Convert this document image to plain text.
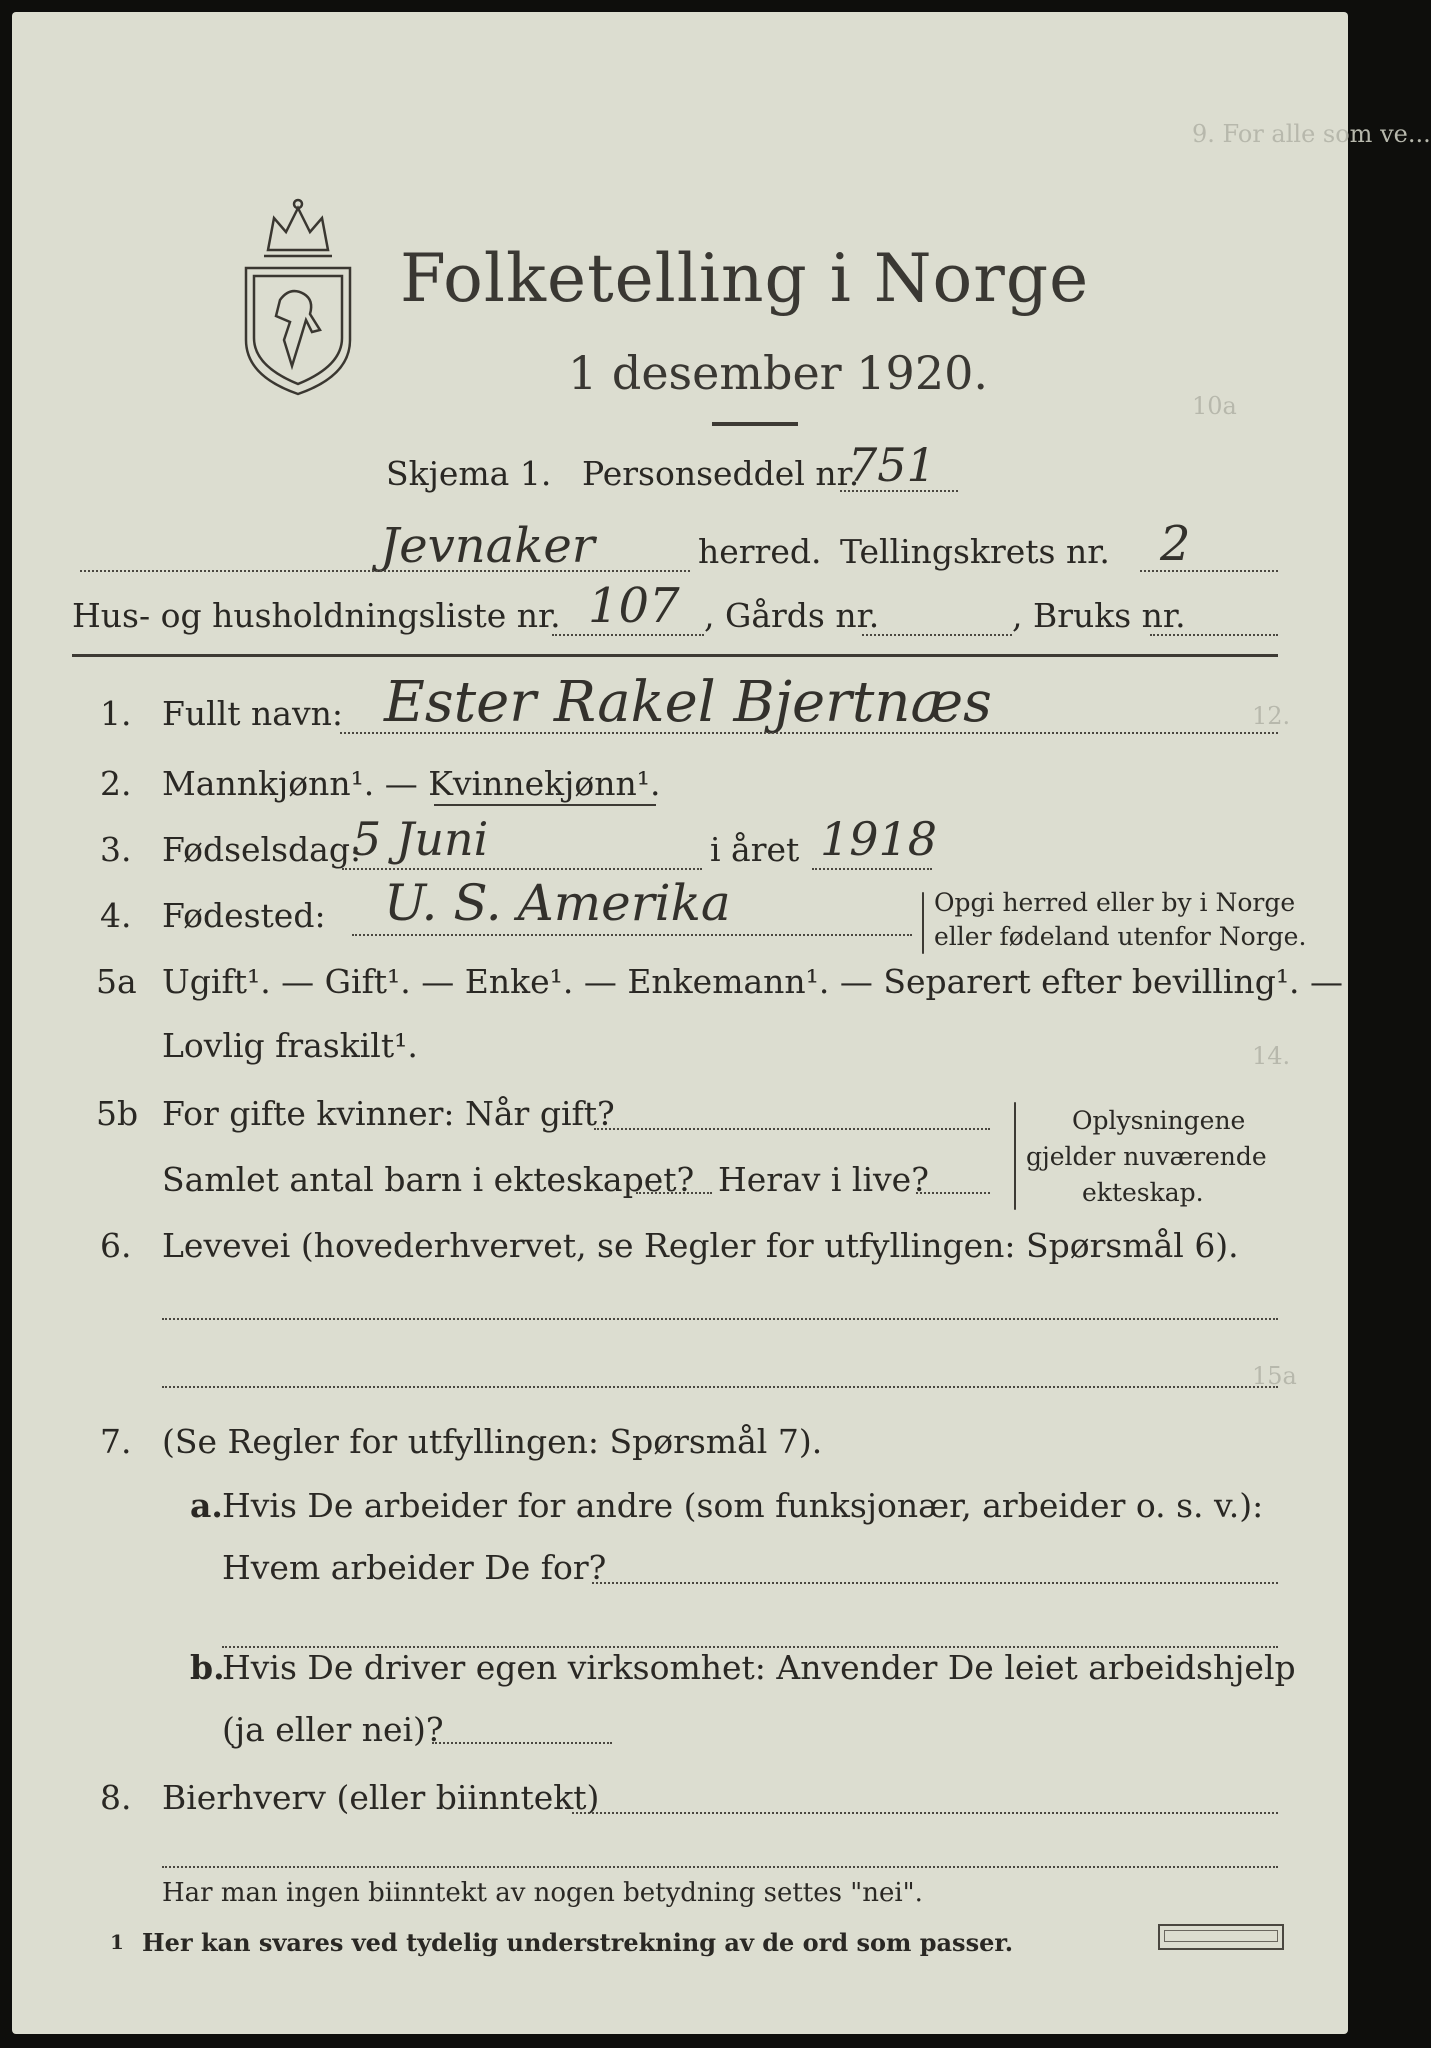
9. For alle som ve...
10a
12.
14.
15a
Folketelling i Norge
1 desember 1920.
Skjema 1. Personseddel nr.
751
Jevnaker	herred. Tellingskrets nr. 2
Hus- og husholdningsliste nr. 107 , Gårds nr.	, Bruks nr.
1. Fullt navn: Ester Rakel Bjertnæs
2. Mannkjønn¹. — Kvinnekjønn¹.
3. Fødselsdag:
5 Juni	i året 1918
4. Fødested: U. S. Amerika	Opgi herred eller by i Norge
eller fødeland utenfor Norge.
5a Ugift¹. — Gift¹. — Enke¹. — Enkemann¹. — Separert efter bevilling¹. —
Lovlig fraskilt¹.
5b For gifte kvinner: Når gift?
Samlet antal barn i ekteskapet? Herav i live?
Oplysningene
gjelder nuværende
ekteskap.
6. Levevei (hovederhvervet, se Regler for utfyllingen: Spørsmål 6).
7. (Se Regler for utfyllingen: Spørsmål 7).
a. Hvis De arbeider for andre (som funksjonær, arbeider o. s. v.):
Hvem arbeider De for?
b.
Hvis De driver egen virksomhet: Anvender De leiet arbeidshjelp
(ja eller nei)?
8. Bierhverv (eller biinntekt)
Har man ingen biinntekt av nogen betydning settes "nei".
1 Her kan svares ved tydelig understrekning av de ord som passer.
